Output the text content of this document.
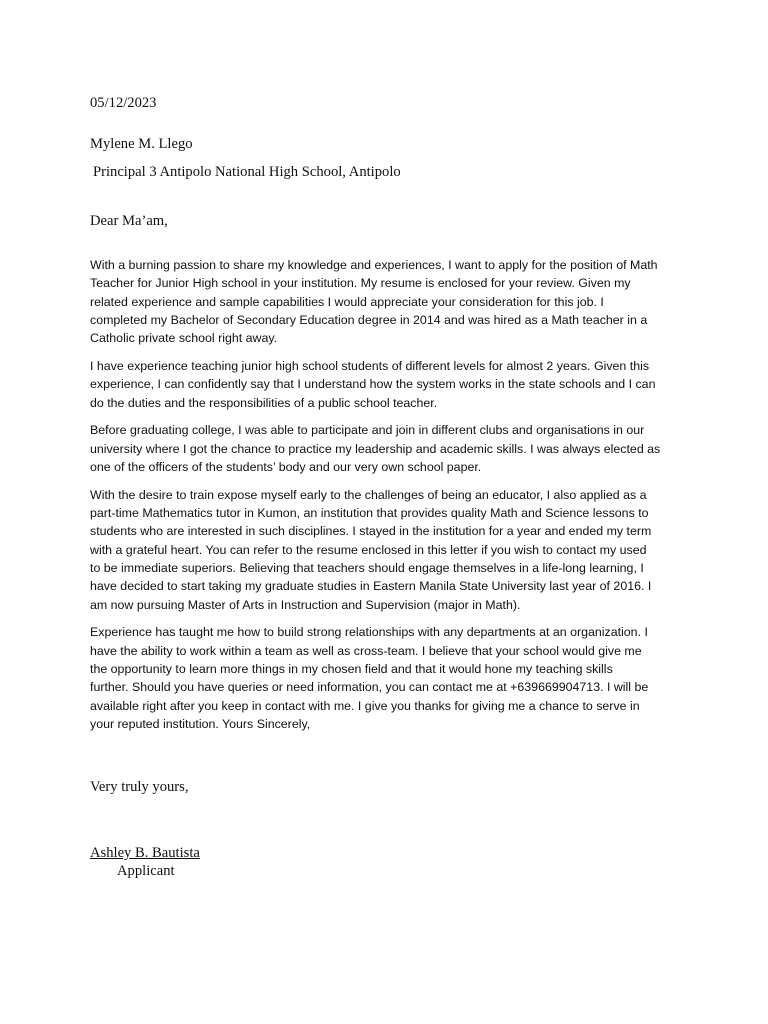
05/12/2023
Mylene M. Llego
Principal 3 Antipolo National High School, Antipolo
Dear Ma’am,

With a burning passion to share my knowledge and experiences, I want to apply for the position of Math
Teacher for Junior High school in your institution. My resume is enclosed for your review. Given my
related experience and sample capabilities I would appreciate your consideration for this job. I
completed my Bachelor of Secondary Education degree in 2014 and was hired as a Math teacher in a
Catholic private school right away.

I have experience teaching junior high school students of different levels for almost 2 years. Given this
experience, I can confidently say that I understand how the system works in the state schools and I can
do the duties and the responsibilities of a public school teacher.

Before graduating college, I was able to participate and join in different clubs and organisations in our
university where I got the chance to practice my leadership and academic skills. I was always elected as
one of the officers of the students’ body and our very own school paper.

With the desire to train expose myself early to the challenges of being an educator, I also applied as a
part-time Mathematics tutor in Kumon, an institution that provides quality Math and Science lessons to
students who are interested in such disciplines. I stayed in the institution for a year and ended my term
with a grateful heart. You can refer to the resume enclosed in this letter if you wish to contact my used
to be immediate superiors. Believing that teachers should engage themselves in a life-long learning, I
have decided to start taking my graduate studies in Eastern Manila State University last year of 2016. I
am now pursuing Master of Arts in Instruction and Supervision (major in Math).

Experience has taught me how to build strong relationships with any departments at an organization. I
have the ability to work within a team as well as cross-team. I believe that your school would give me
the opportunity to learn more things in my chosen field and that it would hone my teaching skills
further. Should you have queries or need information, you can contact me at +639669904713. I will be
available right after you keep in contact with me. I give you thanks for giving me a chance to serve in
your reputed institution. Yours Sincerely,

Very truly yours,
Ashley B. Bautista
Applicant
